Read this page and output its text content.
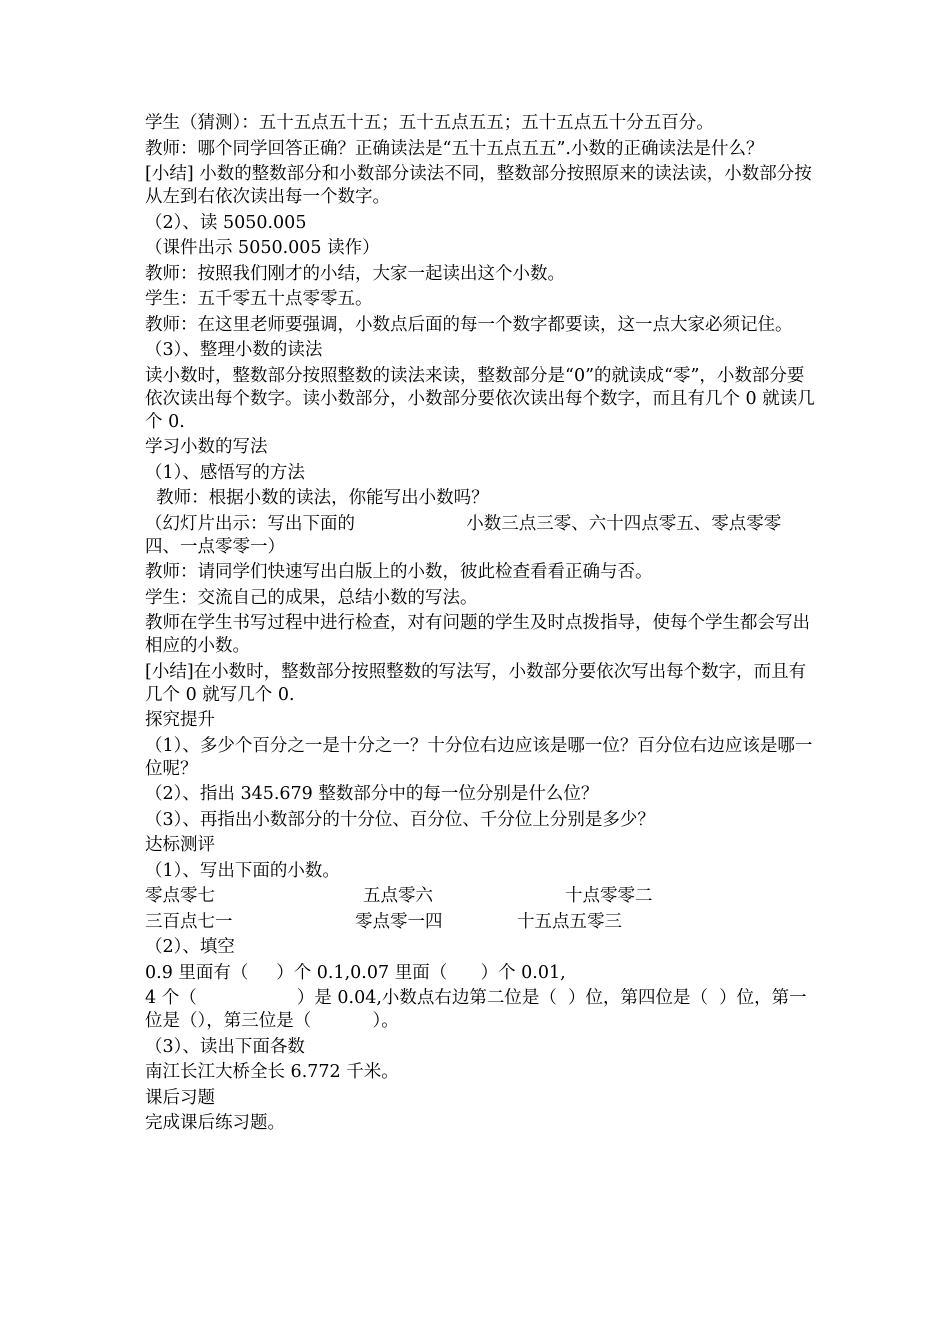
学生（猜测）：五十五点五十五；五十五点五五；五十五点五十分五百分。

教师：哪个同学回答正确？正确读法是“五十五点五五”.小数的正确读法是什么？

[小结] 小数的整数部分和小数部分读法不同，整数部分按照原来的读法读，小数部分按从左到右依次读出每一个数字。

（2）、读 5050.005

（课件出示 5050.005 读作）

教师：按照我们刚才的小结，大家一起读出这个小数。

学生：五千零五十点零零五。

教师：在这里老师要强调，小数点后面的每一个数字都要读，这一点大家必须记住。

（3）、整理小数的读法

读小数时，整数部分按照整数的读法来读，整数部分是“0”的就读成“零”，小数部分要依次读出每个数字。读小数部分，小数部分要依次读出每个数字，而且有几个 0 就读几个 0.

学习小数的写法

（1）、感悟写的方法

教师：根据小数的读法，你能写出小数吗？

（幻灯片出示：写出下面的                    小数三点三零、六十四点零五、零点零零四、一点零零一）

教师：请同学们快速写出白版上的小数，彼此检查看看正确与否。

学生：交流自己的成果，总结小数的写法。

教师在学生书写过程中进行检查，对有问题的学生及时点拨指导，使每个学生都会写出相应的小数。

[小结]在小数时，整数部分按照整数的写法写，小数部分要依次写出每个数字，而且有几个 0 就写几个 0.

探究提升

（1）、多少个百分之一是十分之一？十分位右边应该是哪一位？百分位右边应该是哪一位呢？

（2）、指出 345.679 整数部分中的每一位分别是什么位？

（3）、再指出小数部分的十分位、百分位、千分位上分别是多少？

达标测评

（1）、写出下面的小数。

零点零七	五点零六	十点零零二
三百点七一	零点零一四	十五点五零三

（2）、填空

0.9 里面有（     ）个 0.1,0.07 里面（      ）个 0.01,

4 个（                  ）是 0.04,小数点右边第二位是（  ）位，第四位是（  ）位，第一位是（），第三位是（           ）。

（3）、读出下面各数

南江长江大桥全长 6.772 千米。

课后习题

完成课后练习题。
